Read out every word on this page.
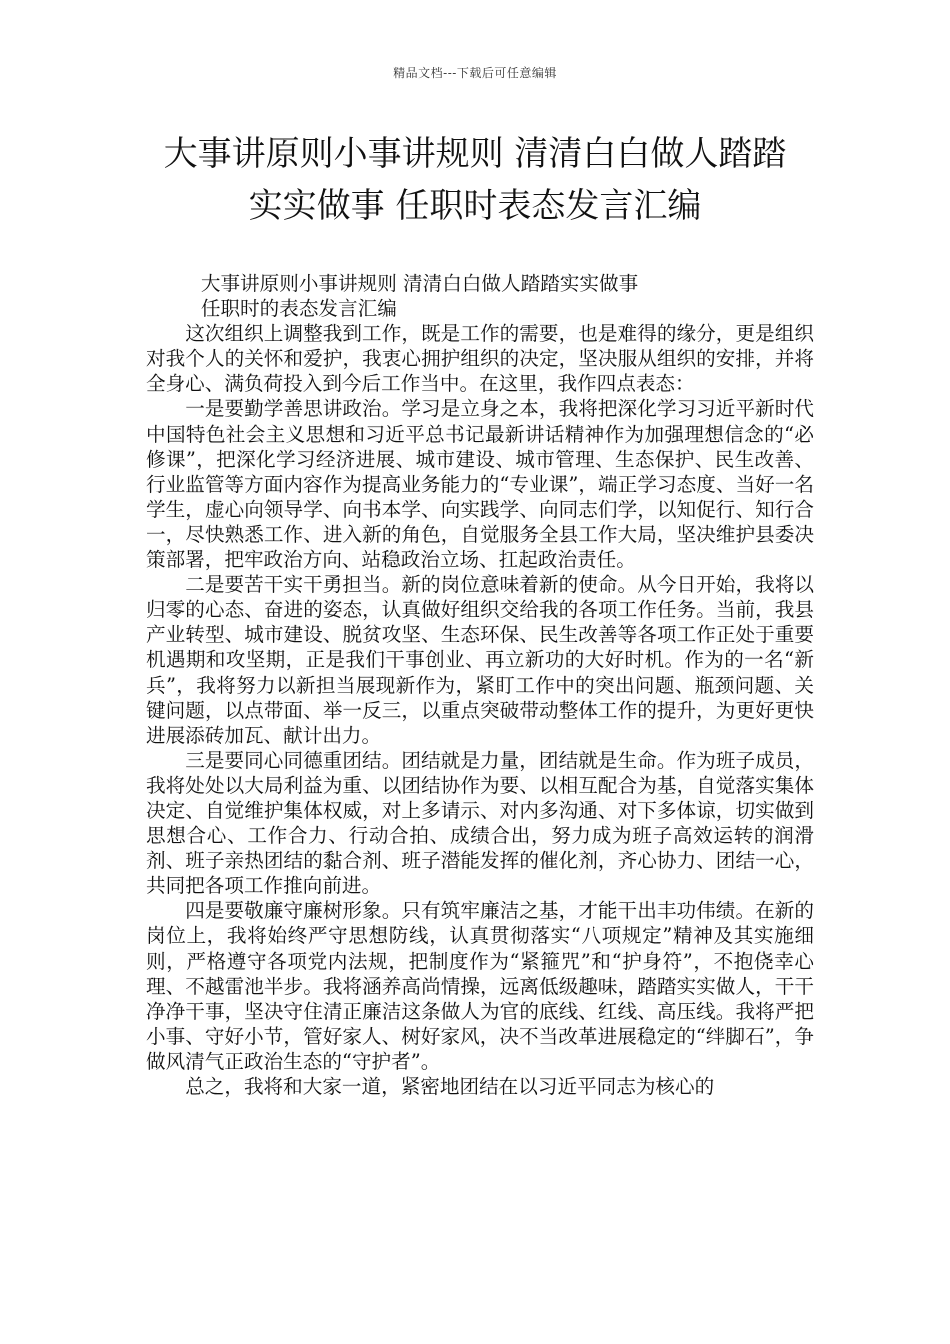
精品文档---下载后可任意编辑
大事讲原则小事讲规则 清清白白做人踏踏
实实做事 任职时表态发言汇编

大事讲原则小事讲规则 清清白白做人踏踏实实做事

任职时的表态发言汇编

这次组织上调整我到工作，既是工作的需要，也是难得的缘分，更是组织对我个人的关怀和爱护，我衷心拥护组织的决定，坚决服从组织的安排，并将全身心、满负荷投入到今后工作当中。在这里，我作四点表态：

一是要勤学善思讲政治。学习是立身之本，我将把深化学习习近平新时代中国特色社会主义思想和习近平总书记最新讲话精神作为加强理想信念的“必修课”，把深化学习经济进展、城市建设、城市管理、生态保护、民生改善、行业监管等方面内容作为提高业务能力的“专业课”，端正学习态度、当好一名学生，虚心向领导学、向书本学、向实践学、向同志们学，以知促行、知行合一，尽快熟悉工作、进入新的角色，自觉服务全县工作大局，坚决维护县委决策部署，把牢政治方向、站稳政治立场、扛起政治责任。

二是要苦干实干勇担当。新的岗位意味着新的使命。从今日开始，我将以归零的心态、奋进的姿态，认真做好组织交给我的各项工作任务。当前，我县产业转型、城市建设、脱贫攻坚、生态环保、民生改善等各项工作正处于重要机遇期和攻坚期，正是我们干事创业、再立新功的大好时机。作为的一名“新兵”，我将努力以新担当展现新作为，紧盯工作中的突出问题、瓶颈问题、关键问题，以点带面、举一反三，以重点突破带动整体工作的提升，为更好更快进展添砖加瓦、献计出力。

三是要同心同德重团结。团结就是力量，团结就是生命。作为班子成员，我将处处以大局利益为重、以团结协作为要、以相互配合为基，自觉落实集体决定、自觉维护集体权威，对上多请示、对内多沟通、对下多体谅，切实做到思想合心、工作合力、行动合拍、成绩合出，努力成为班子高效运转的润滑剂、班子亲热团结的黏合剂、班子潜能发挥的催化剂，齐心协力、团结一心，共同把各项工作推向前进。

四是要敬廉守廉树形象。只有筑牢廉洁之基，才能干出丰功伟绩。在新的岗位上，我将始终严守思想防线，认真贯彻落实“八项规定”精神及其实施细则，严格遵守各项党内法规，把制度作为“紧箍咒”和“护身符”，不抱侥幸心理、不越雷池半步。我将涵养高尚情操，远离低级趣味，踏踏实实做人，干干净净干事，坚决守住清正廉洁这条做人为官的底线、红线、高压线。我将严把小事、守好小节，管好家人、树好家风，决不当改革进展稳定的“绊脚石”，争做风清气正政治生态的“守护者”。

总之，我将和大家一道，紧密地团结在以习近平同志为核心的
